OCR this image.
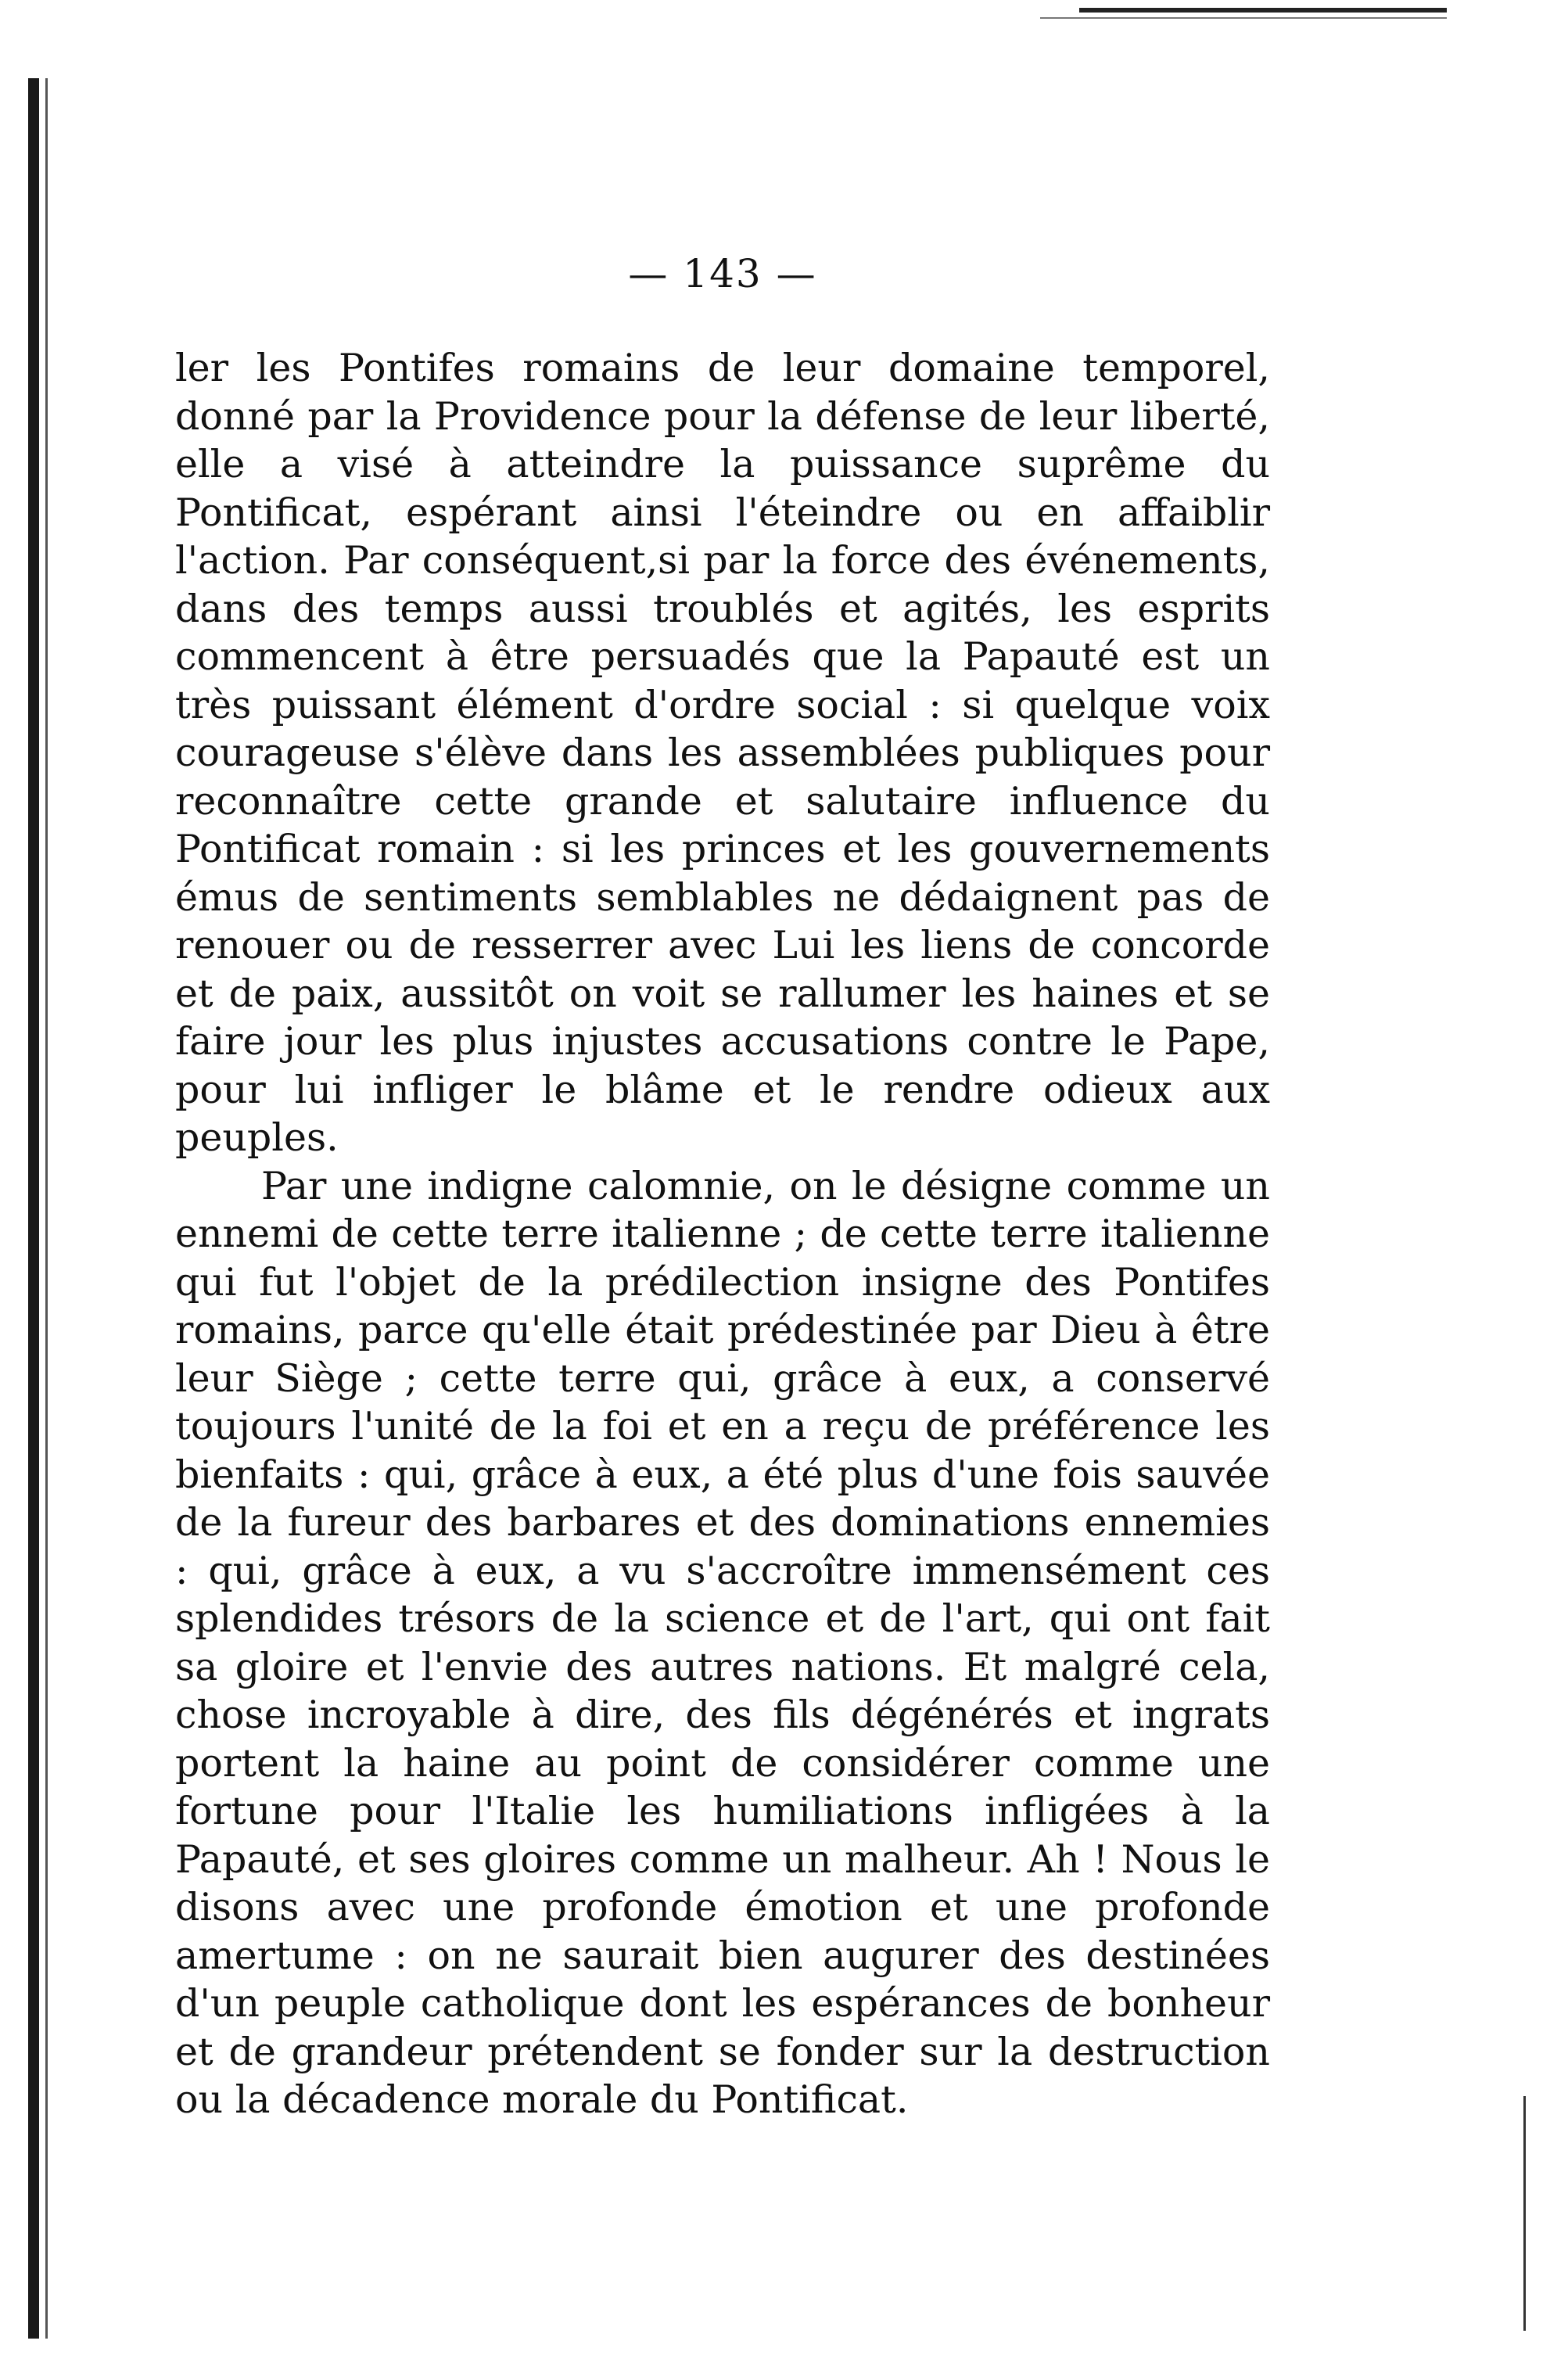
— 143 —

ler les Pontifes romains de leur domaine temporel, donné par la Providence pour la défense de leur liberté, elle a visé à atteindre la puissance suprême du Pontificat, espérant ainsi l'éteindre ou en affaiblir l'action. Par conséquent,si par la force des événements, dans des temps aussi troublés et agités, les esprits commencent à être persuadés que la Papauté est un très puissant élément d'ordre social : si quelque voix courageuse s'élève dans les assemblées publiques pour reconnaître cette grande et salutaire influence du Pontificat romain : si les princes et les gouvernements émus de sentiments semblables ne dédaignent pas de renouer ou de resserrer avec Lui les liens de concorde et de paix, aussitôt on voit se rallumer les haines et se faire jour les plus injustes accusations contre le Pape, pour lui infliger le blâme et le rendre odieux aux peuples.

Par une indigne calomnie, on le désigne comme un ennemi de cette terre italienne ; de cette terre italienne qui fut l'objet de la prédilection insigne des Pontifes romains, parce qu'elle était prédestinée par Dieu à être leur Siège ; cette terre qui, grâce à eux, a conservé toujours l'unité de la foi et en a reçu de préférence les bienfaits : qui, grâce à eux, a été plus d'une fois sauvée de la fureur des barbares et des dominations ennemies : qui, grâce à eux, a vu s'accroître immensément ces splendides trésors de la science et de l'art, qui ont fait sa gloire et l'envie des autres nations. Et malgré cela, chose incroyable à dire, des fils dégénérés et ingrats portent la haine au point de considérer comme une fortune pour l'Italie les humiliations infligées à la Papauté, et ses gloires comme un malheur. Ah ! Nous le disons avec une profonde émotion et une profonde amertume : on ne saurait bien augurer des destinées d'un peuple catholique dont les espérances de bonheur et de grandeur prétendent se fonder sur la destruction ou la décadence morale du Pontificat.
